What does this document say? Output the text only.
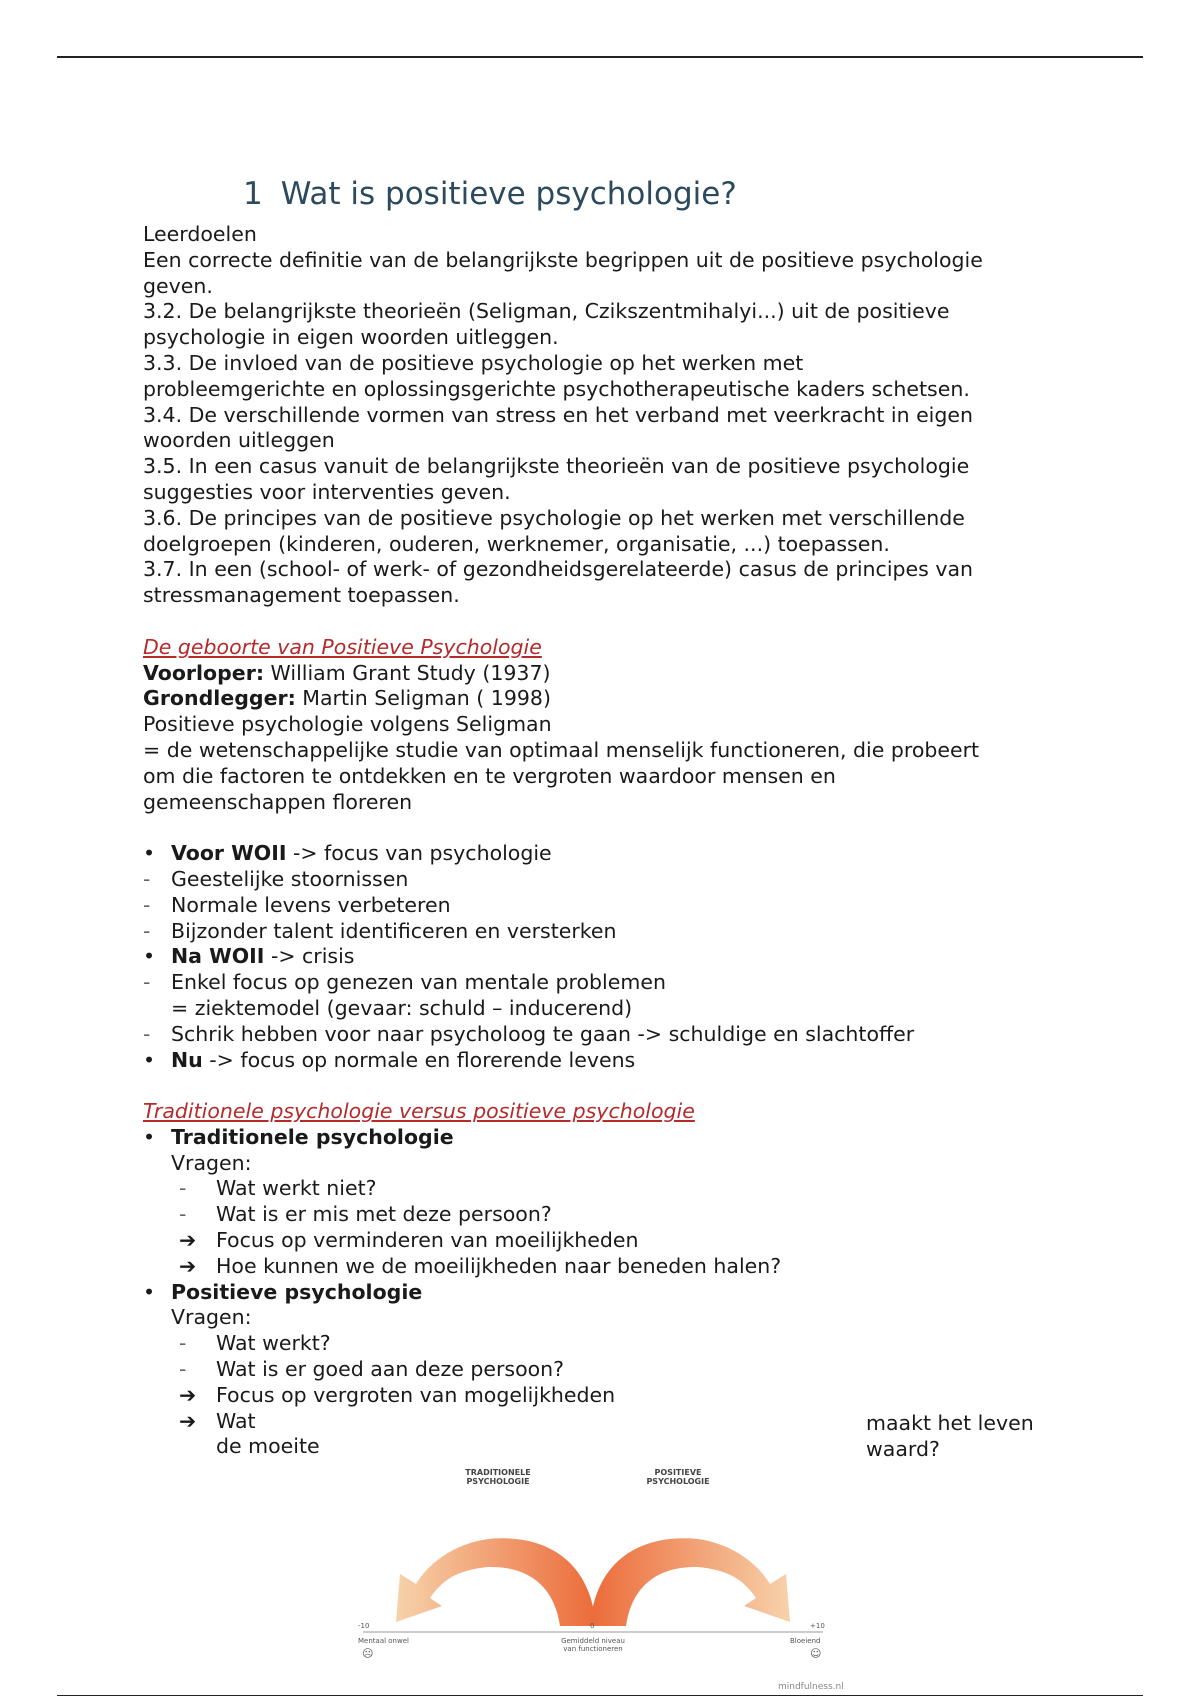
1 Wat is positieve psychologie?
Leerdoelen
Een correcte definitie van de belangrijkste begrippen uit de positieve psychologie
geven.
3.2. De belangrijkste theorieën (Seligman, Czikszentmihalyi...) uit de positieve
psychologie in eigen woorden uitleggen.
3.3. De invloed van de positieve psychologie op het werken met
probleemgerichte en oplossingsgerichte psychotherapeutische kaders schetsen.
3.4. De verschillende vormen van stress en het verband met veerkracht in eigen
woorden uitleggen
3.5. In een casus vanuit de belangrijkste theorieën van de positieve psychologie
suggesties voor interventies geven.
3.6. De principes van de positieve psychologie op het werken met verschillende
doelgroepen (kinderen, ouderen, werknemer, organisatie, ...) toepassen.
3.7. In een (school- of werk- of gezondheidsgerelateerde) casus de principes van
stressmanagement toepassen.
De geboorte van Positieve Psychologie
Voorloper: William Grant Study (1937)
Grondlegger: Martin Seligman ( 1998)
Positieve psychologie volgens Seligman
= de wetenschappelijke studie van optimaal menselijk functioneren, die probeert
om die factoren te ontdekken en te vergroten waardoor mensen en
gemeenschappen floreren
• Voor WOII -> focus van psychologie
-	Geestelijke stoornissen
-	Normale levens verbeteren
-	Bijzonder talent identificeren en versterken
• Na WOII -> crisis
-	Enkel focus op genezen van mentale problemen
= ziektemodel (gevaar: schuld – inducerend)
-	Schrik hebben voor naar psycholoog te gaan -> schuldige en slachtoffer
• Nu -> focus op normale en florerende levens
Traditionele psychologie versus positieve psychologie
• Traditionele psychologie
Vragen:
-	Wat werkt niet?
-	Wat is er mis met deze persoon?
➔ Focus op verminderen van moeilijkheden
➔ Hoe kunnen we de moeilijkheden naar beneden halen?
• Positieve psychologie
Vragen:
-	Wat werkt?
-	Wat is er goed aan deze persoon?
➔ Focus op vergroten van mogelijkheden
➔ Wat
de moeite
maakt het leven
waard?
TRADITIONELE
PSYCHOLOGIE
POSITIEVE
PSYCHOLOGIE
-10	0	+10
Mentaal onwel	Gemiddeld niveau
van functioneren
Bloeiend
☹	☺
mindfulness.nl
